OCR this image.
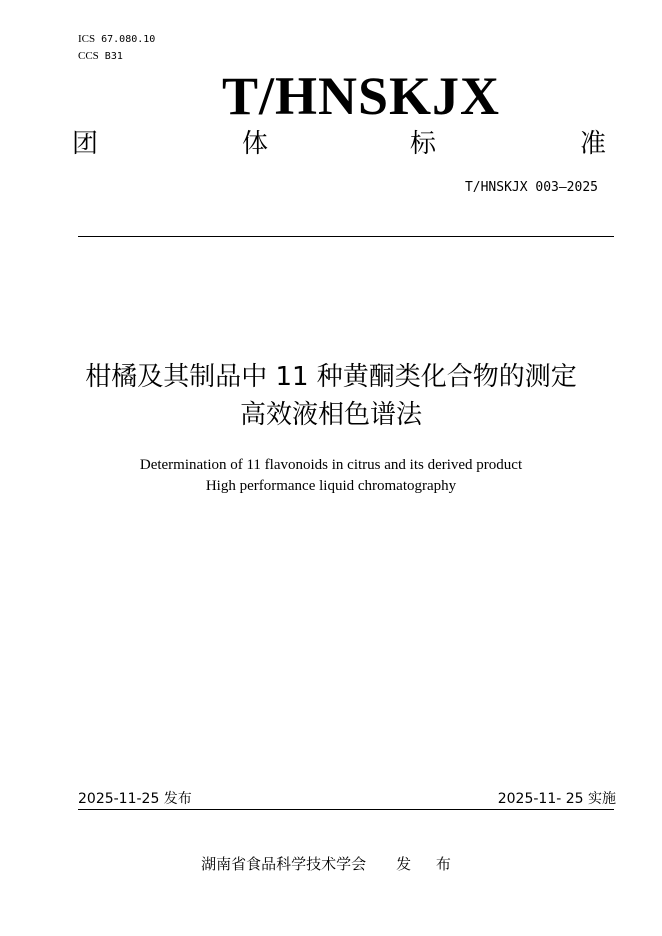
ICS 67.080.10
CCS B31
T/HNSKJX
团	体	标	准
T/HNSKJX 003—2025
柑橘及其制品中 11 种黄酮类化合物的测定
高效液相色谱法
Determination of 11 flavonoids in citrus and its derived product
High performance liquid chromatography
2025-11-25 发布	2025-11- 25 实施
湖南省食品科学技术学会 发 布
